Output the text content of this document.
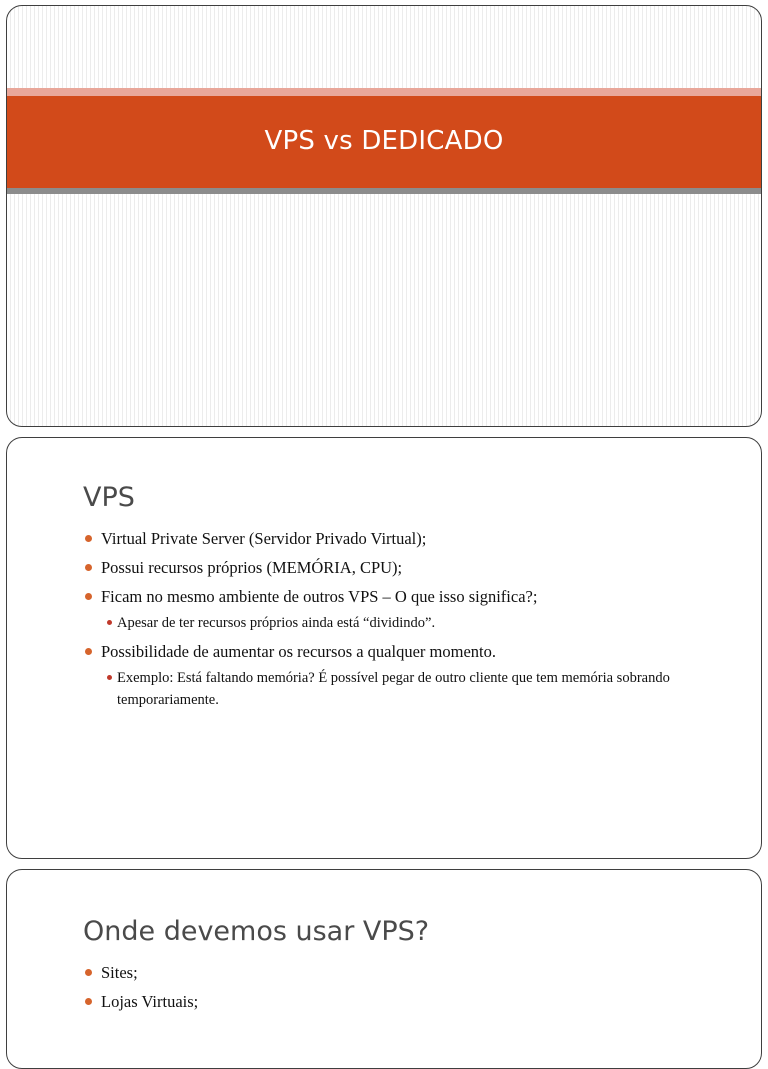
VPS vs DEDICADO
VPS
Virtual Private Server (Servidor Privado Virtual);
Possui recursos próprios (MEMÓRIA, CPU);
Ficam no mesmo ambiente de outros VPS – O que isso significa?;
Apesar de ter recursos próprios ainda está “dividindo”.
Possibilidade de aumentar os recursos a qualquer momento.
Exemplo: Está faltando memória? É possível pegar de outro cliente que tem memória sobrando temporariamente.
Onde devemos usar VPS?
Sites;
Lojas Virtuais;
